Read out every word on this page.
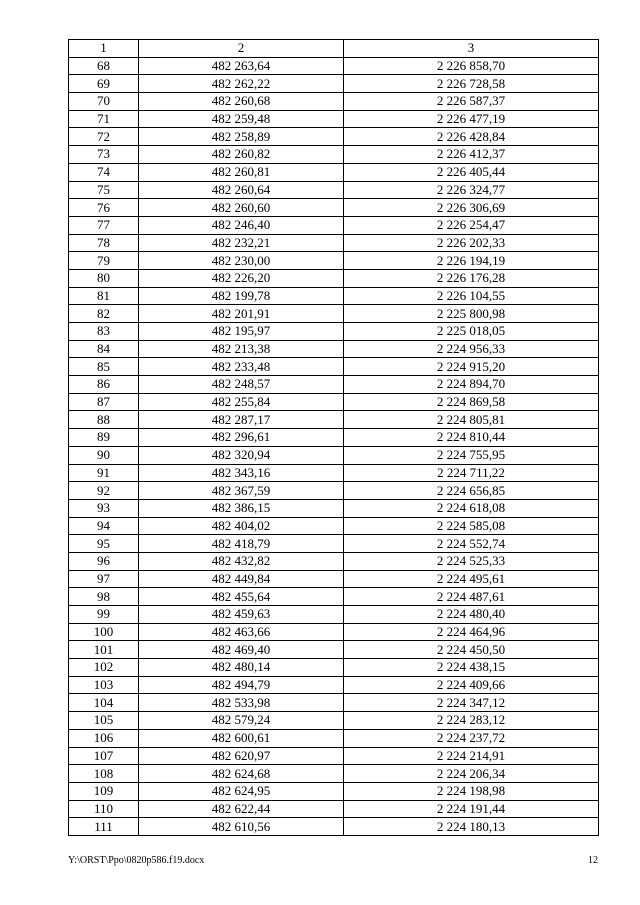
1	2	3
68	482 263,64	2 226 858,70
69	482 262,22	2 226 728,58
70	482 260,68	2 226 587,37
71	482 259,48	2 226 477,19
72	482 258,89	2 226 428,84
73	482 260,82	2 226 412,37
74	482 260,81	2 226 405,44
75	482 260,64	2 226 324,77
76	482 260,60	2 226 306,69
77	482 246,40	2 226 254,47
78	482 232,21	2 226 202,33
79	482 230,00	2 226 194,19
80	482 226,20	2 226 176,28
81	482 199,78	2 226 104,55
82	482 201,91	2 225 800,98
83	482 195,97	2 225 018,05
84	482 213,38	2 224 956,33
85	482 233,48	2 224 915,20
86	482 248,57	2 224 894,70
87	482 255,84	2 224 869,58
88	482 287,17	2 224 805,81
89	482 296,61	2 224 810,44
90	482 320,94	2 224 755,95
91	482 343,16	2 224 711,22
92	482 367,59	2 224 656,85
93	482 386,15	2 224 618,08
94	482 404,02	2 224 585,08
95	482 418,79	2 224 552,74
96	482 432,82	2 224 525,33
97	482 449,84	2 224 495,61
98	482 455,64	2 224 487,61
99	482 459,63	2 224 480,40
100	482 463,66	2 224 464,96
101	482 469,40	2 224 450,50
102	482 480,14	2 224 438,15
103	482 494,79	2 224 409,66
104	482 533,98	2 224 347,12
105	482 579,24	2 224 283,12
106	482 600,61	2 224 237,72
107	482 620,97	2 224 214,91
108	482 624,68	2 224 206,34
109	482 624,95	2 224 198,98
110	482 622,44	2 224 191,44
111	482 610,56	2 224 180,13
Y:\ORST\Ppo\0820p586.f19.docx	12
